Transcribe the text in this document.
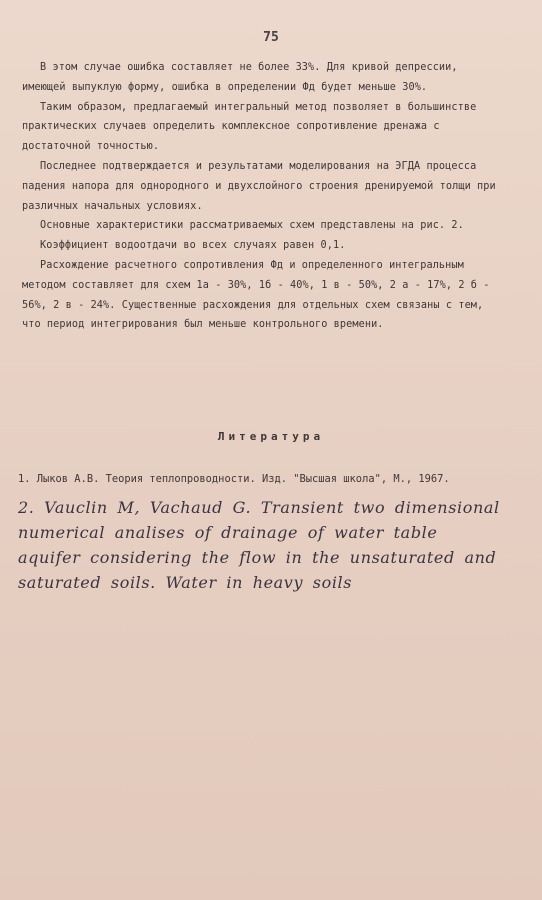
75

В этом случае ошибка составляет не более 33%. Для кривой депрессии, имеющей выпуклую форму, ошибка в определении Фд будет меньше 30%.

Таким образом, предлагаемый интегральный метод позволяет в большинстве практических случаев определить комплексное сопротивление дренажа с достаточной точностью.

Последнее подтверждается и результатами моделирования на ЭГДА процесса падения напора для однородного и двухслойного строения дренируемой толщи при различных начальных условиях.

Основные характеристики рассматриваемых схем представлены на рис. 2.

Коэффициент водоотдачи во всех случаях равен 0,1.

Расхождение расчетного сопротивления Фд и определенного интегральным методом составляет для схем 1а - 30%, 1б - 40%, 1 в - 50%, 2 а - 17%, 2 б - 56%, 2 в - 24%. Существенные расхождения для отдельных схем связаны с тем, что период интегрирования был меньше контрольного времени.

Литература

1. Лыков А.В. Теория теплопроводности. Изд. "Высшая школа", М., 1967.

2. Vauclin M, Vachaud G. Transient two dimensional numerical analises of drainage of water table aquifer considering the flow in the unsaturated and saturated soils. Water in heavy soils
